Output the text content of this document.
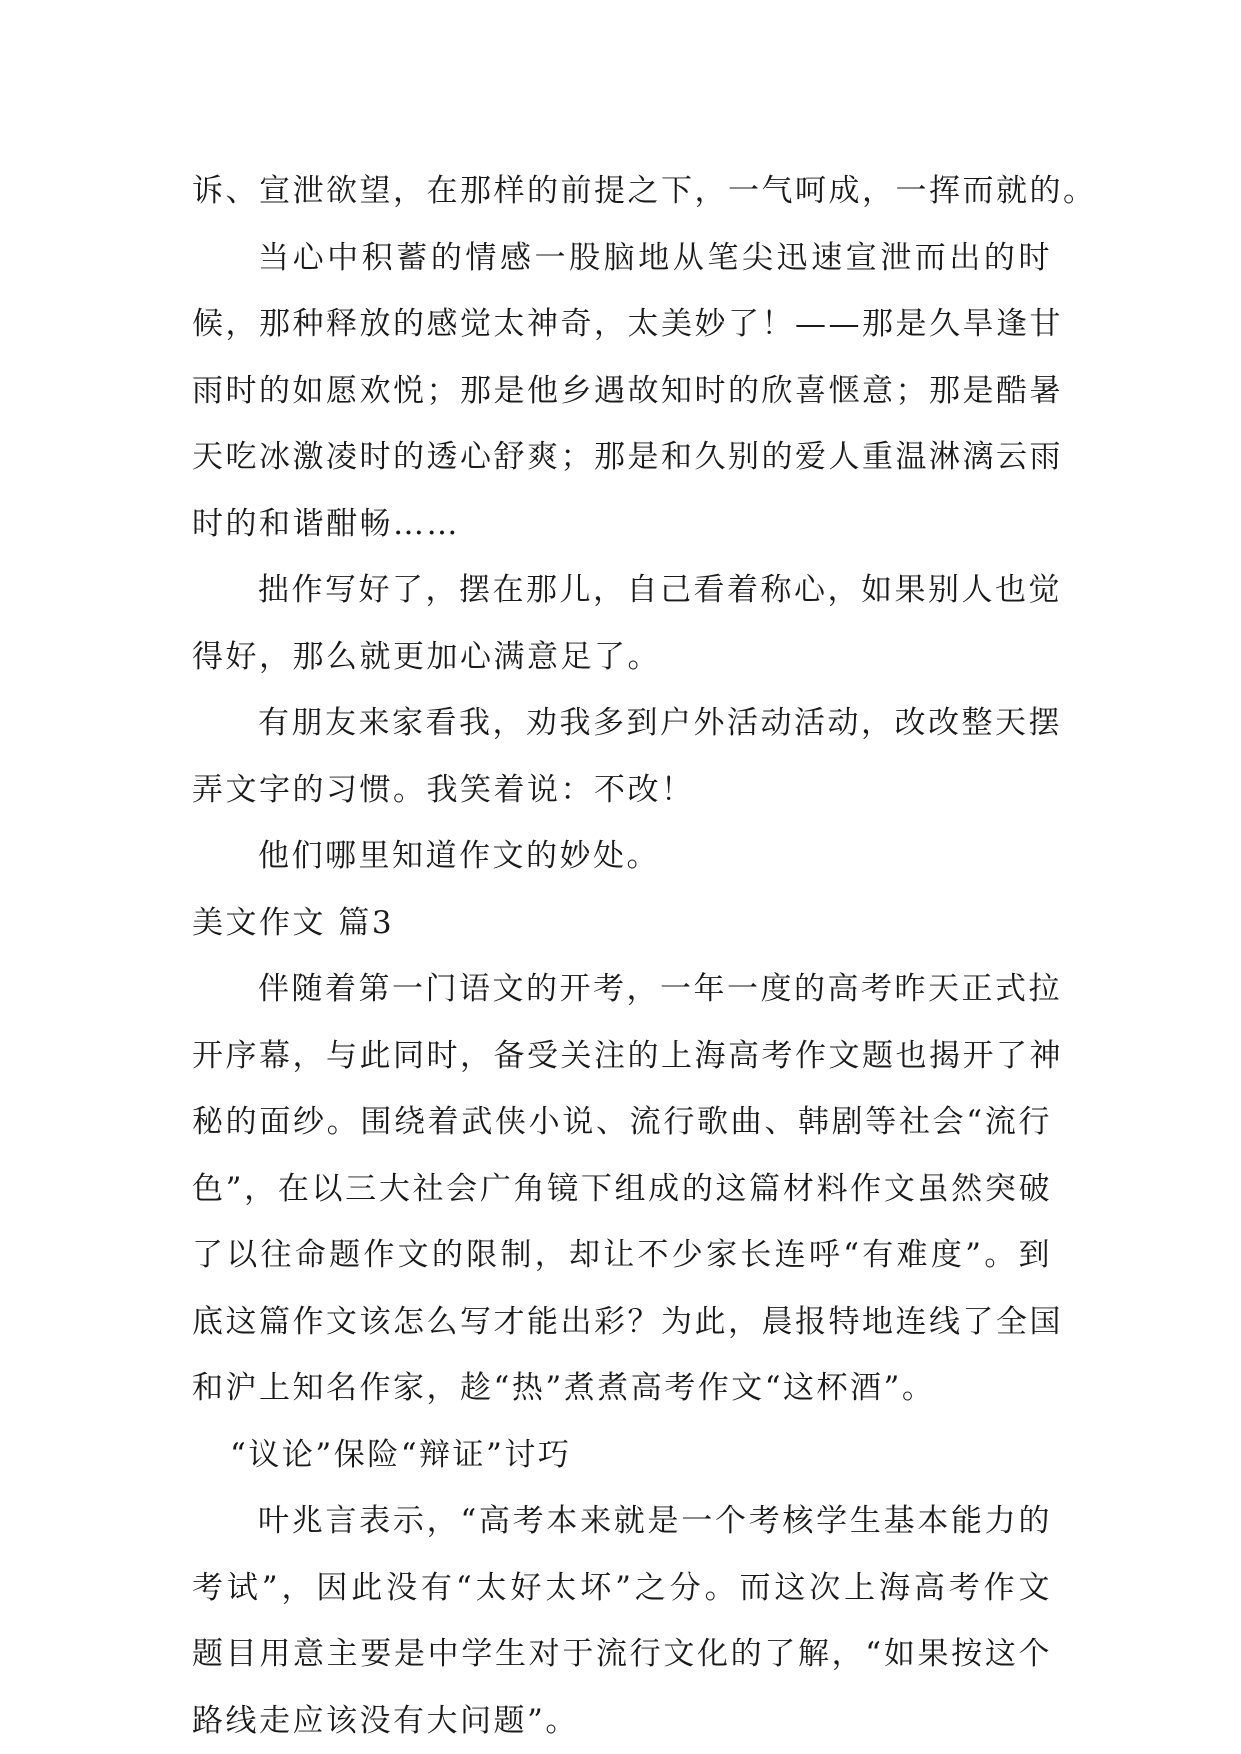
诉、宣泄欲望，在那样的前提之下，一气呵成，一挥而就的。
当心中积蓄的情感一股脑地从笔尖迅速宣泄而出的时
候，那种释放的感觉太神奇，太美妙了！——那是久旱逢甘
雨时的如愿欢悦；那是他乡遇故知时的欣喜惬意；那是酷暑
天吃冰激凌时的透心舒爽；那是和久别的爱人重温淋漓云雨
时的和谐酣畅……
拙作写好了，摆在那儿，自己看着称心，如果别人也觉
得好，那么就更加心满意足了。
有朋友来家看我，劝我多到户外活动活动，改改整天摆
弄文字的习惯。我笑着说：不改！
他们哪里知道作文的妙处。
美文作文 篇3
伴随着第一门语文的开考，一年一度的高考昨天正式拉
开序幕，与此同时，备受关注的上海高考作文题也揭开了神
秘的面纱。围绕着武侠小说、流行歌曲、韩剧等社会“流行
色”，在以三大社会广角镜下组成的这篇材料作文虽然突破
了以往命题作文的限制，却让不少家长连呼“有难度”。到
底这篇作文该怎么写才能出彩？为此，晨报特地连线了全国
和沪上知名作家，趁“热”煮煮高考作文“这杯酒”。
“议论”保险“辩证”讨巧
叶兆言表示，“高考本来就是一个考核学生基本能力的
考试”，因此没有“太好太坏”之分。而这次上海高考作文
题目用意主要是中学生对于流行文化的了解，“如果按这个
路线走应该没有大问题”。
